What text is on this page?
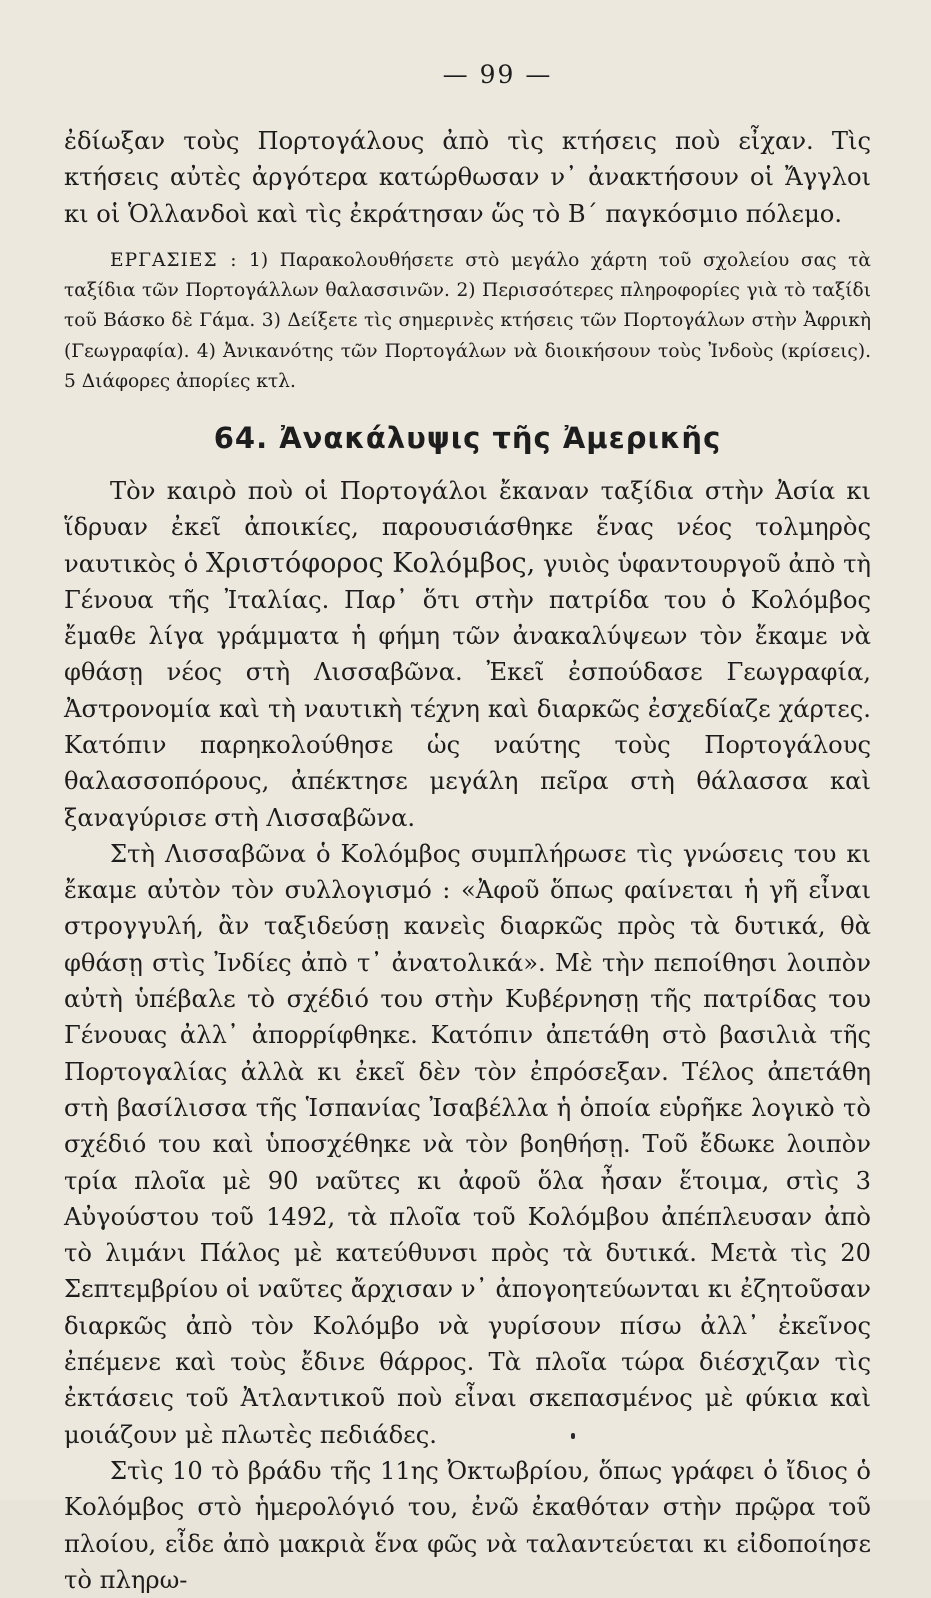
— 99 —

ἐδίωξαν τοὺς Πορτογάλους ἀπὸ τὶς κτήσεις ποὺ εἶχαν. Τὶς κτήσεις αὐτὲς ἀργότερα κατώρθωσαν ν᾽ ἀνακτήσουν οἱ Ἄγγλοι κι οἱ Ὁλλανδοὶ καὶ τὶς ἐκράτησαν ὥς τὸ Β΄ παγκόσμιο πόλεμο.

ΕΡΓΑΣΙΕΣ : 1) Παρακολουθήσετε στὸ μεγάλο χάρτη τοῦ σχολείου σας τὰ ταξίδια τῶν Πορτογάλλων θαλασσινῶν. 2) Περισσότερες πληροφορίες γιὰ τὸ ταξίδι τοῦ Βάσκο δὲ Γάμα. 3) Δείξετε τὶς σημερινὲς κτήσεις τῶν Πορτογάλων στὴν Ἀφρικὴ (Γεωγραφία). 4) Ἀνικανότης τῶν Πορτογάλων νὰ διοικήσουν τοὺς Ἰνδοὺς (κρίσεις). 5 Διάφορες ἀπορίες κτλ.

64. Ἀνακάλυψις τῆς Ἀμερικῆς

Τὸν καιρὸ ποὺ οἱ Πορτογάλοι ἔκαναν ταξίδια στὴν Ἀσία κι ἵδρυαν ἐκεῖ ἀποικίες, παρουσιάσθηκε ἕνας νέος τολμηρὸς ναυτικὸς ὁ Χριστόφορος Κολόμβος, γυιὸς ὑφαντουργοῦ ἀπὸ τὴ Γένουα τῆς Ἰταλίας. Παρ᾽ ὅτι στὴν πατρίδα του ὁ Κολόμβος ἔμαθε λίγα γράμματα ἡ φήμη τῶν ἀνακαλύψεων τὸν ἔκαμε νὰ φθάσῃ νέος στὴ Λισσαβῶνα. Ἐκεῖ ἐσπούδασε Γεωγραφία, Ἀστρονομία καὶ τὴ ναυτικὴ τέχνη καὶ διαρκῶς ἐσχεδίαζε χάρτες. Κατόπιν παρηκολούθησε ὡς ναύτης τοὺς Πορτογάλους θαλασσοπόρους, ἀπέκτησε μεγάλη πεῖρα στὴ θάλασσα καὶ ξαναγύρισε στὴ Λισσαβῶνα.

Στὴ Λισσαβῶνα ὁ Κολόμβος συμπλήρωσε τὶς γνώσεις του κι ἔκαμε αὐτὸν τὸν συλλογισμό : «Ἀφοῦ ὅπως φαίνεται ἡ γῆ εἶναι στρογγυλή, ἂν ταξιδεύσῃ κανεὶς διαρκῶς πρὸς τὰ δυτικά, θὰ φθάσῃ στὶς Ἰνδίες ἀπὸ τ᾽ ἀνατολικά». Μὲ τὴν πεποίθησι λοιπὸν αὐτὴ ὑπέβαλε τὸ σχέδιό του στὴν Κυβέρνησῃ τῆς πατρίδας του Γένουας ἀλλ᾽ ἀπορρίφθηκε. Κατόπιν ἀπετάθη στὸ βασιλιὰ τῆς Πορτογαλίας ἀλλὰ κι ἐκεῖ δὲν τὸν ἐπρόσεξαν. Τέλος ἀπετάθη στὴ βασίλισσα τῆς Ἱσπανίας Ἰσαβέλλα ἡ ὁποία εὑρῆκε λογικὸ τὸ σχέδιό του καὶ ὑποσχέθηκε νὰ τὸν βοηθήσῃ. Τοῦ ἔδωκε λοιπὸν τρία πλοῖα μὲ 90 ναῦτες κι ἀφοῦ ὅλα ἦσαν ἕτοιμα, στὶς 3 Αὐγούστου τοῦ 1492, τὰ πλοῖα τοῦ Κολόμβου ἀπέπλευσαν ἀπὸ τὸ λιμάνι Πάλος μὲ κατεύθυνσι πρὸς τὰ δυτικά. Μετὰ τὶς 20 Σεπτεμβρίου οἱ ναῦτες ἄρχισαν ν᾽ ἀπογοητεύωνται κι ἐζητοῦσαν διαρκῶς ἀπὸ τὸν Κολόμβο νὰ γυρίσουν πίσω ἀλλ᾽ ἐκεῖνος ἐπέμενε καὶ τοὺς ἔδινε θάρρος. Τὰ πλοῖα τώρα διέσχιζαν τὶς ἐκτάσεις τοῦ Ἀτλαντικοῦ ποὺ εἶναι σκεπασμένος μὲ φύκια καὶ μοιάζουν μὲ πλωτὲς πεδιάδες.

Στὶς 10 τὸ βράδυ τῆς 11ης Ὀκτωβρίου, ὅπως γράφει ὁ ἴδιος ὁ Κολόμβος στὸ ἡμερολόγιό του, ἐνῶ ἐκαθόταν στὴν πρῷρα τοῦ πλοίου, εἶδε ἀπὸ μακριὰ ἕνα φῶς νὰ ταλαντεύεται κι εἰδοποίησε τὸ πληρω-
